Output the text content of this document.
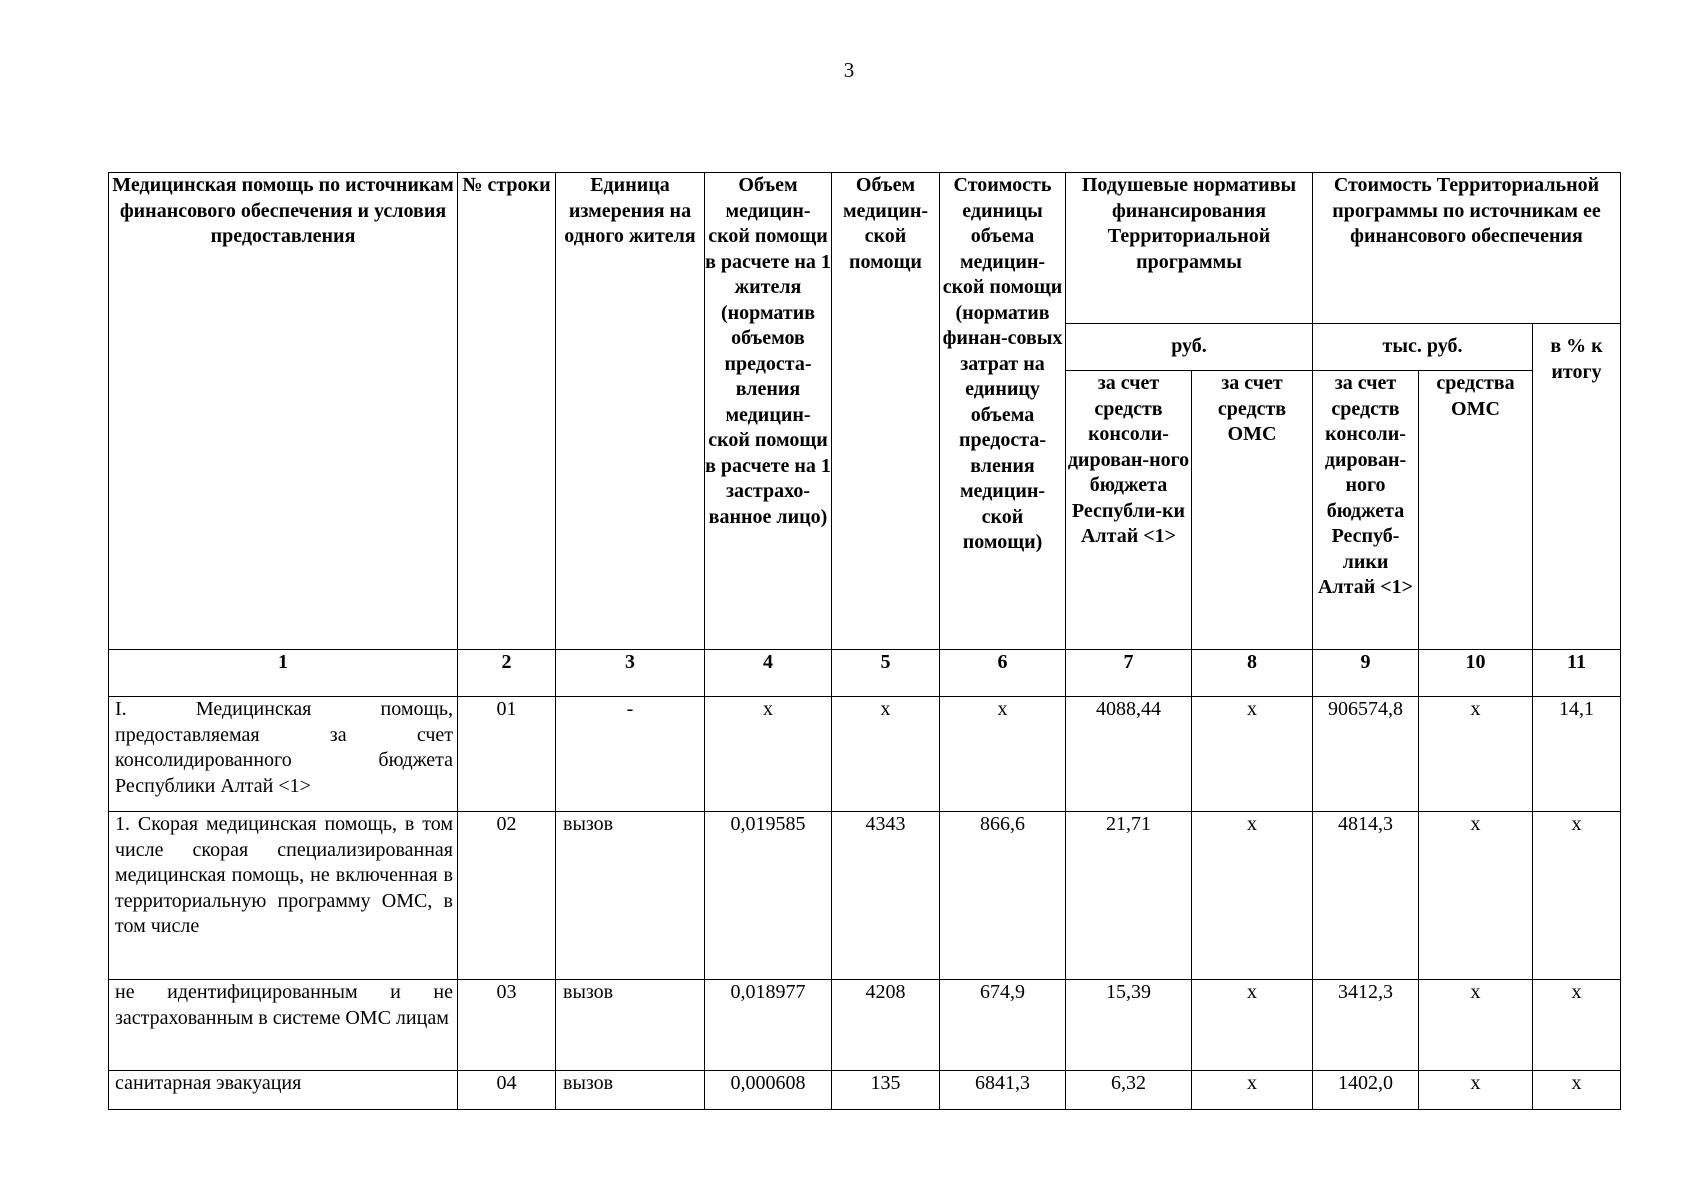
3
Медицинская помощь по источникам финансового обеспечения и условия предоставления	№ строки	Единица измерения на одного жителя	Объем медицин-ской помощи в расчете на 1 жителя (норматив объемов предоста-вления медицин-ской помощи в расчете на 1 застрахо-ванное лицо)	Объем медицин-ской помощи	Стоимость единицы объема медицин-ской помощи (норматив финан-совых затрат на единицу объема предоста-вления медицин-ской помощи)	Подушевые нормативы финансирования Территориальной программы		Стоимость Территориальной программы по источникам ее финансового обеспечения		
						руб.		тыс. руб.		в % к итогу
						за счет средств консоли-дирован-ного бюджета Республи-ки Алтай <1>	за счет средств ОМС	за счет средств консоли-дирован-ного бюджета Респуб-лики Алтай <1>	средства ОМС	
1	2	3	4	5	6	7	8	9	10	11
I. Медицинская помощь, предоставляемая за счет консолидированного бюджета Республики Алтай <1>	01	-	х	х	х	4088,44	х	906574,8	х	14,1
1. Скорая медицинская помощь, в том числе скорая специализированная медицинская помощь, не включенная в территориальную программу ОМС, в том числе	02	вызов	0,019585	4343	866,6	21,71	х	4814,3	х	х
не идентифицированным и не застрахованным в системе ОМС лицам	03	вызов	0,018977	4208	674,9	15,39	х	3412,3	х	х
санитарная эвакуация	04	вызов	0,000608	135	6841,3	6,32	х	1402,0	х	х
